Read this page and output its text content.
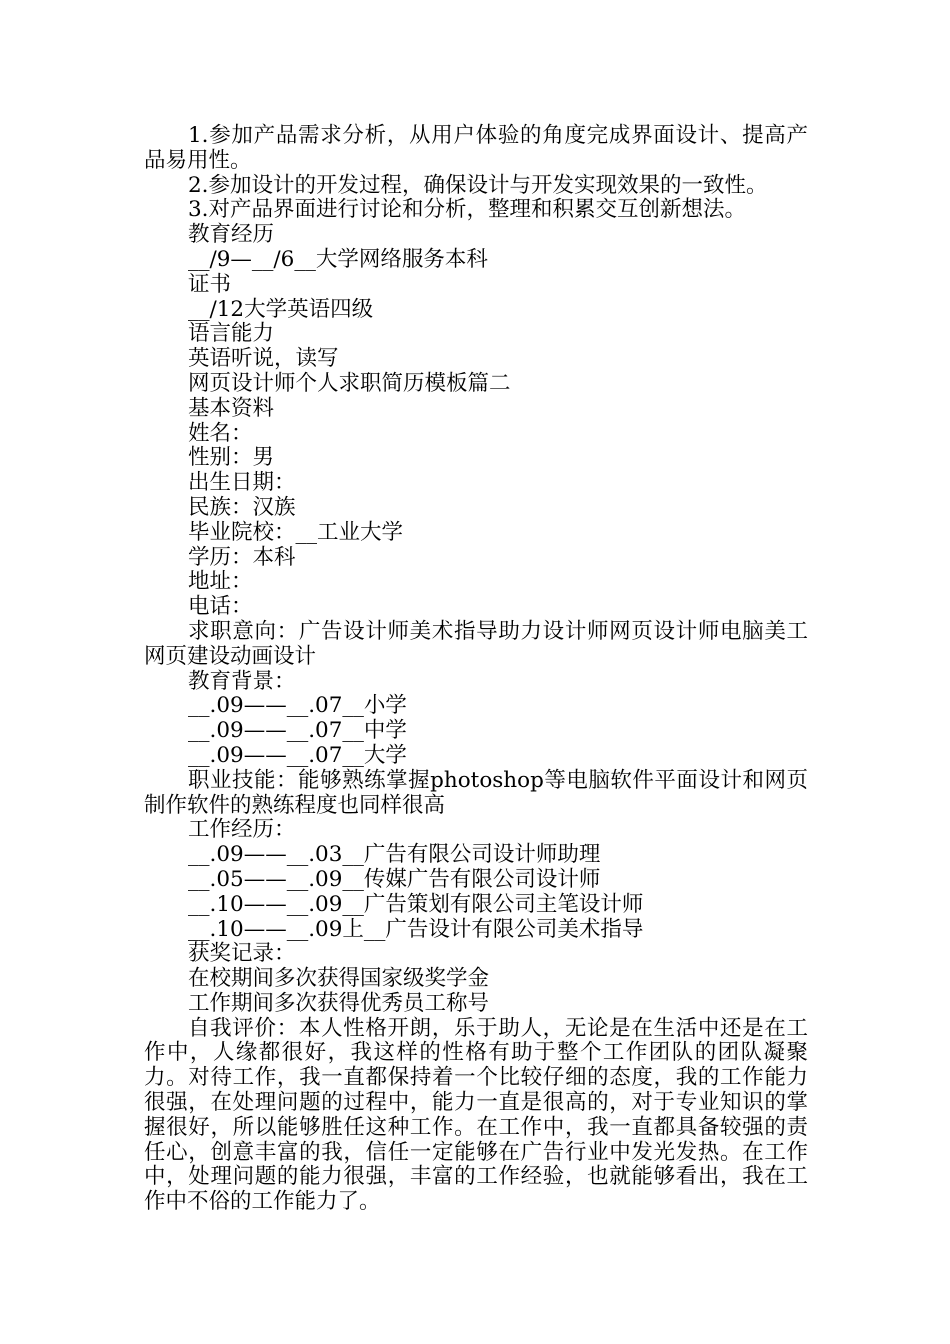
1.参加产品需求分析，从用户体验的角度完成界面设计、提高产品易用性。

2.参加设计的开发过程，确保设计与开发实现效果的一致性。

3.对产品界面进行讨论和分析，整理和积累交互创新想法。

教育经历

__/9—__/6__大学网络服务本科

证书

__/12大学英语四级

语言能力

英语听说，读写

网页设计师个人求职简历模板篇二

基本资料

姓名：

性别：男

出生日期：

民族：汉族

毕业院校：__工业大学

学历：本科

地址：

电话：

求职意向：广告设计师美术指导助力设计师网页设计师电脑美工网页建设动画设计

教育背景：

__.09——__.07__小学

__.09——__.07__中学

__.09——__.07__大学

职业技能：能够熟练掌握photoshop等电脑软件平面设计和网页制作软件的熟练程度也同样很高

工作经历：

__.09——__.03__广告有限公司设计师助理

__.05——__.09__传媒广告有限公司设计师

__.10——__.09__广告策划有限公司主笔设计师

__.10——__.09上__广告设计有限公司美术指导

获奖记录：

在校期间多次获得国家级奖学金

工作期间多次获得优秀员工称号

自我评价：本人性格开朗，乐于助人，无论是在生活中还是在工作中，人缘都很好，我这样的性格有助于整个工作团队的团队凝聚力。对待工作，我一直都保持着一个比较仔细的态度，我的工作能力很强，在处理问题的过程中，能力一直是很高的，对于专业知识的掌握很好，所以能够胜任这种工作。在工作中，我一直都具备较强的责任心，创意丰富的我，信任一定能够在广告行业中发光发热。在工作中，处理问题的能力很强，丰富的工作经验，也就能够看出，我在工作中不俗的工作能力了。
